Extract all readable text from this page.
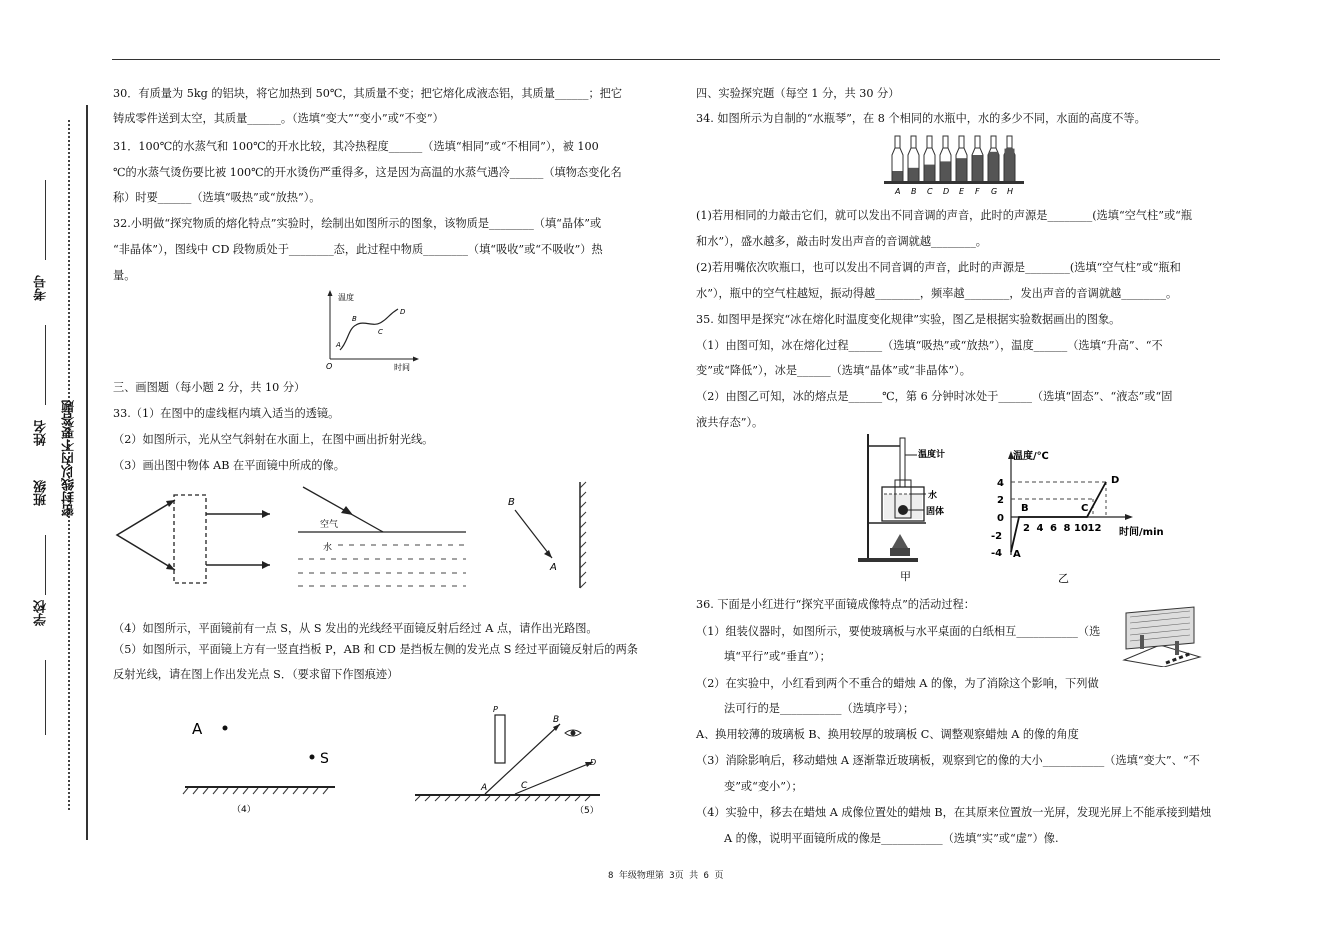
学校
班级
姓名
考号
密封线以内不要答题
30．有质量为 5kg 的铝块，将它加热到 50℃，其质量不变；把它熔化成液态铝，其质量______；把它
铸成零件送到太空，其质量______。（选填“变大”“变小”或“不变”）
31．100℃的水蒸气和 100℃的开水比较，其冷热程度______（选填“相同”或“不相同”），被 100
℃的水蒸气烫伤要比被 100℃的开水烫伤严重得多，这是因为高温的水蒸气遇冷______（填物态变化名
称）时要______（选填“吸热”或“放热”）。
32.小明做“探究物质的熔化特点”实验时，绘制出如图所示的图象，该物质是________（填“晶体”或
“非晶体”），图线中 CD 段物质处于________态，此过程中物质________（填“吸收”或“不吸收”）热
量。
温度
时间
O
A
B
C
D
三、画图题（每小题 2 分，共 10 分）
33.（1）在图中的虚线框内填入适当的透镜。
（2）如图所示，光从空气斜射在水面上，在图中画出折射光线。
（3）画出图中物体 AB 在平面镜中所成的像。
空气
水
B
A
（4）如图所示，平面镜前有一点 S，从 S 发出的光线经平面镜反射后经过 A 点，请作出光路图。
（5）如图所示，平面镜上方有一竖直挡板 P，AB 和 CD 是挡板左侧的发光点 S 经过平面镜反射后的两条
反射光线，请在图上作出发光点 S．（要求留下作图痕迹）
A
S
（4）
P
B
A	C
D
（5）
四、实验探究题（每空 1 分，共 30 分）
34. 如图所示为自制的“水瓶琴”，在 8 个相同的水瓶中，水的多少不同，水面的高度不等。
A B C D E F G H
(1)若用相同的力敲击它们，就可以发出不同音调的声音，此时的声源是________(选填“空气柱”或“瓶
和水”），盛水越多，敲击时发出声音的音调就越________。
(2)若用嘴依次吹瓶口，也可以发出不同音调的声音，此时的声源是________(选填“空气柱”或“瓶和
水”），瓶中的空气柱越短，振动得越________，频率越________，发出声音的音调就越________。
35. 如图甲是探究“冰在熔化时温度变化规律”实验，图乙是根据实验数据画出的图象。
（1）由图可知，冰在熔化过程______（选填“吸热”或“放热”），温度______（选填“升高”、“不
变”或“降低”），冰是______（选填“晶体”或“非晶体”）。
（2）由图乙可知，冰的熔点是______℃，第 6 分钟时冰处于______（选填“固态”、“液态”或“固
液共存态”）。
温度计
水
固体
甲
温度/℃
时间/min
4
2
0
-2
-4
2 4 6 8 10 12
B	C
D
A
乙
36. 下面是小红进行“探究平面镜成像特点”的活动过程：
（1）组装仪器时，如图所示，要使玻璃板与水平桌面的白纸相互___________（选
填“平行”或“垂直”）；
（2）在实验中，小红看到两个不重合的蜡烛 A 的像，为了消除这个影响，下列做
法可行的是___________（选填序号）；
A、换用较薄的玻璃板 B、换用较厚的玻璃板 C、调整观察蜡烛 A 的像的角度
（3）消除影响后，移动蜡烛 A 逐渐靠近玻璃板，观察到它的像的大小___________（选填“变大”、“不
变”或“变小”）；
（4）实验中，移去在蜡烛 A 成像位置处的蜡烛 B，在其原来位置放一光屏，发现光屏上不能承接到蜡烛
A 的像，说明平面镜所成的像是___________（选填“实”或“虚”）像.
8 年级物理第 3页 共 6 页
